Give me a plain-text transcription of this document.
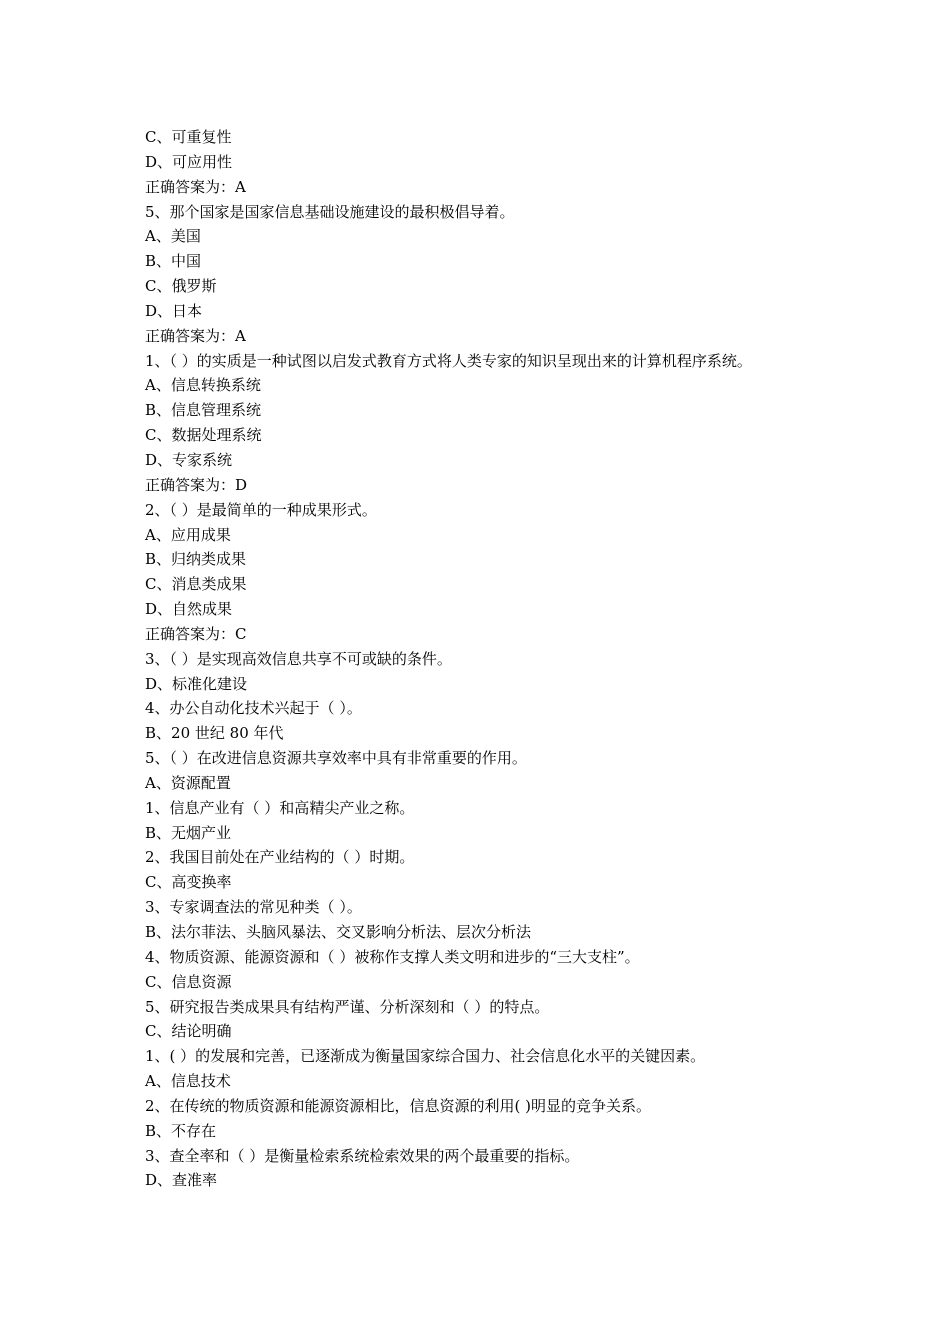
C、可重复性
D、可应用性
正确答案为：A
5、那个国家是国家信息基础设施建设的最积极倡导着。
A、美国
B、中国
C、俄罗斯
D、日本
正确答案为：A
1、（ ）的实质是一种试图以启发式教育方式将人类专家的知识呈现出来的计算机程序系统。
A、信息转换系统
B、信息管理系统
C、数据处理系统
D、专家系统
正确答案为：D
2、（ ）是最简单的一种成果形式。
A、应用成果
B、归纳类成果
C、消息类成果
D、自然成果
正确答案为：C
3、（ ）是实现高效信息共享不可或缺的条件。
D、标准化建设
4、办公自动化技术兴起于（ ）。
B、20 世纪 80 年代
5、（ ）在改进信息资源共享效率中具有非常重要的作用。
A、资源配置
1、信息产业有（ ）和高精尖产业之称。
B、无烟产业
2、我国目前处在产业结构的（ ）时期。
C、高变换率
3、专家调查法的常见种类（ ）。
B、法尔菲法、头脑风暴法、交叉影响分析法、层次分析法
4、物质资源、能源资源和（ ）被称作支撑人类文明和进步的“三大支柱”。
C、信息资源
5、研究报告类成果具有结构严谨、分析深刻和（ ）的特点。
C、结论明确
1、( ）的发展和完善，已逐渐成为衡量国家综合国力、社会信息化水平的关键因素。
A、信息技术
2、在传统的物质资源和能源资源相比，信息资源的利用( )明显的竞争关系。
B、不存在
3、查全率和（ ）是衡量检索系统检索效果的两个最重要的指标。
D、查准率
